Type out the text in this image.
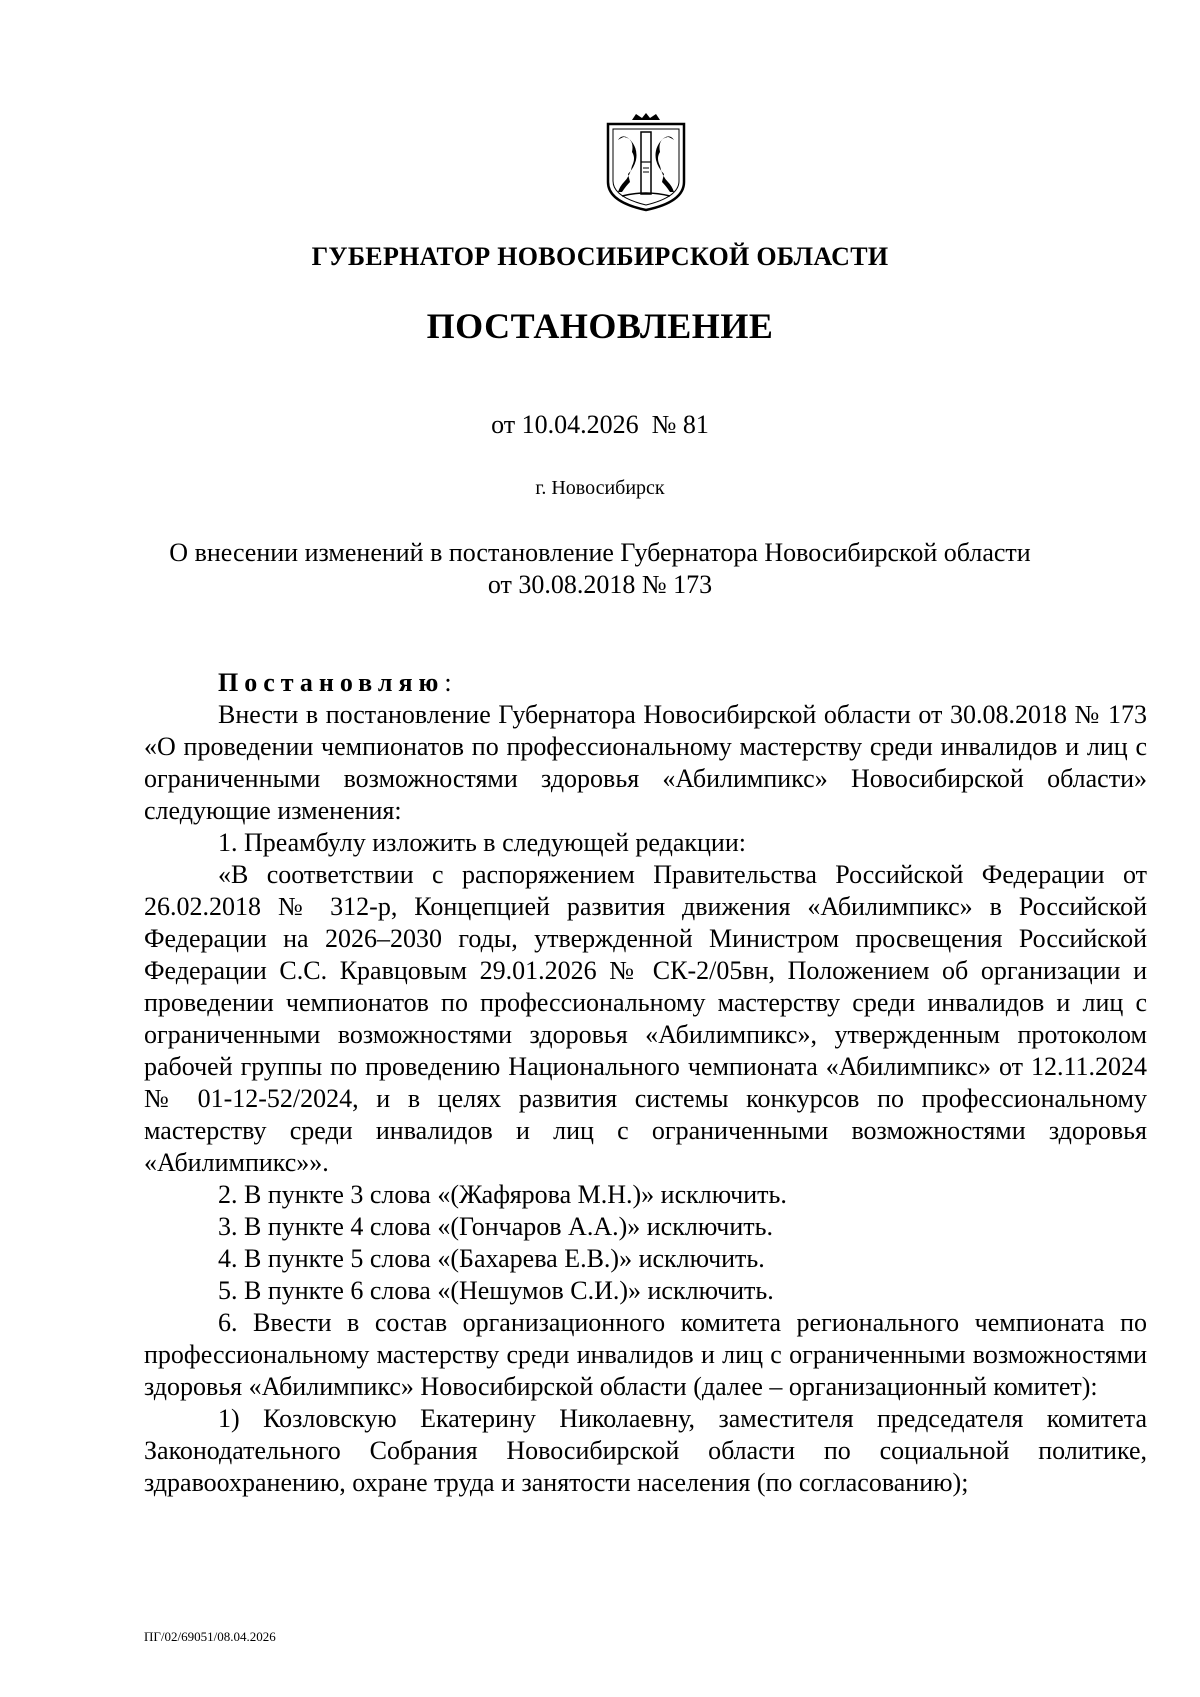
ГУБЕРНАТОР НОВОСИБИРСКОЙ ОБЛАСТИ
ПОСТАНОВЛЕНИЕ
от 10.04.2026  № 81
г. Новосибирск
О внесении изменений в постановление Губернатора Новосибирской области
от 30.08.2018 № 173

Постановляю:

Внести в постановление Губернатора Новосибирской области от 30.08.2018 № 173 «О проведении чемпионатов по профессиональному мастерству среди инвалидов и лиц с ограниченными возможностями здоровья «Абилимпикс» Новосибирской области» следующие изменения:

1. Преамбулу изложить в следующей редакции:

«В соответствии с распоряжением Правительства Российской Федерации от 26.02.2018 № 312-р, Концепцией развития движения «Абилимпикс» в Российской Федерации на 2026–2030 годы, утвержденной Министром просвещения Российской Федерации С.С. Кравцовым 29.01.2026 № СК-2/05вн, Положением об организации и проведении чемпионатов по профессиональному мастерству среди инвалидов и лиц с ограниченными возможностями здоровья «Абилимпикс», утвержденным протоколом рабочей группы по проведению Национального чемпионата «Абилимпикс» от 12.11.2024 № 01-12-52/2024, и в целях развития системы конкурсов по профессиональному мастерству среди инвалидов и лиц с ограниченными возможностями здоровья «Абилимпикс»».

2. В пункте 3 слова «(Жафярова М.Н.)» исключить.

3. В пункте 4 слова «(Гончаров А.А.)» исключить.

4. В пункте 5 слова «(Бахарева Е.В.)» исключить.

5. В пункте 6 слова «(Нешумов С.И.)» исключить.

6. Ввести в состав организационного комитета регионального чемпионата по профессиональному мастерству среди инвалидов и лиц с ограниченными возможностями здоровья «Абилимпикс» Новосибирской области (далее – организационный комитет):

1) Козловскую Екатерину Николаевну, заместителя председателя комитета Законодательного Собрания Новосибирской области по социальной политике, здравоохранению, охране труда и занятости населения (по согласованию);

ПГ/02/69051/08.04.2026
